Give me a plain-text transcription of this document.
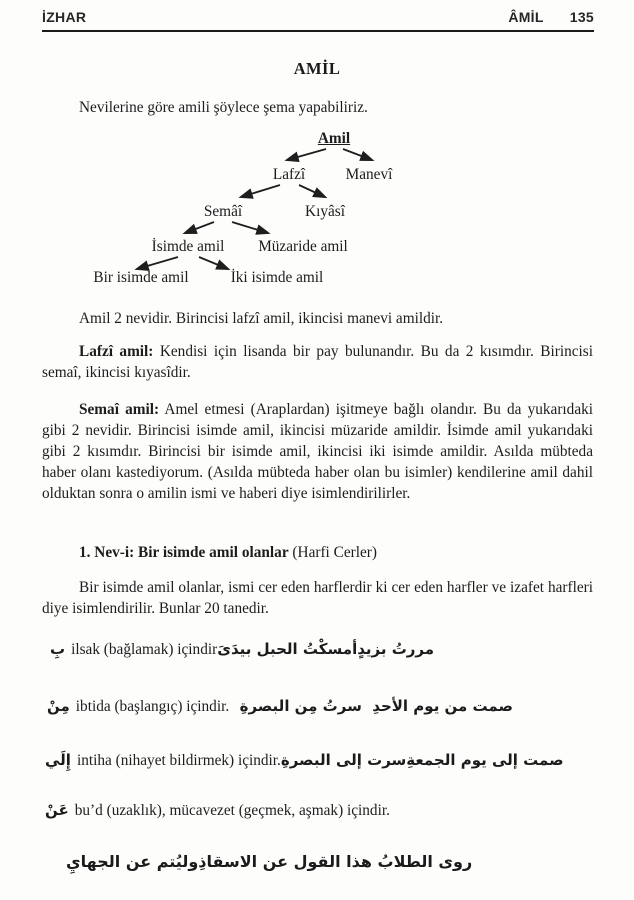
İZHAR	ÂMİL 135
AMİL
Nevilerine göre amili şöylece şema yapabiliriz.
Amil
Lafzî	Manevî
Semâî	Kıyâsî
İsimde amil Müzaride amil
Bir isimde amil	İki isimde amil
Amil 2 nevidir. Birincisi lafzî amil, ikincisi manevi amildir.
Lafzî amil: Kendisi için lisanda bir pay bulunandır. Bu da 2 kısımdır. Birincisi semaî, ikincisi kıyasîdir.
Semaî amil: Amel etmesi (Araplardan) işitmeye bağlı olandır. Bu da yukarıdaki gibi 2 nevidir. Birincisi isimde amil, ikincisi müzaride amildir. İsimde amil yukarıdaki gibi 2 kısımdır. Birincisi bir isimde amil, ikincisi iki isimde amildir. Asılda mübteda haber olanı kastediyorum. (Asılda mübteda haber olan bu isimler) kendilerine amil dahil olduktan sonra o amilin ismi ve haberi diye isimlendirilirler.
1. Nev-i: Bir isimde amil olanlar (Harfi Cerler)
Bir isimde amil olanlar, ismi cer eden harflerdir ki cer eden harfler ve izafet harfleri diye isimlendirilir. Bunlar 20 tanedir.
بِ ilsak (bağlamak) içindir أمسكْتُ الحبل بيدَىَ مررتُ بزيدٍ
مِنْ ibtida (başlangıç) içindir. سرتُ مِن البصرةِ صمت من يوم الأحدِ
إِلَي intiha (nihayet bildirmek) içindir. سرت إلى البصرةِ صمت إلى يوم الجمعةِ
عَنْ bu’d (uzaklık), mücavezet (geçmek, aşmak) içindir.
وليُتم عن الجهايِ روى الطلابُ هذا القول عن الاسقاذِ
